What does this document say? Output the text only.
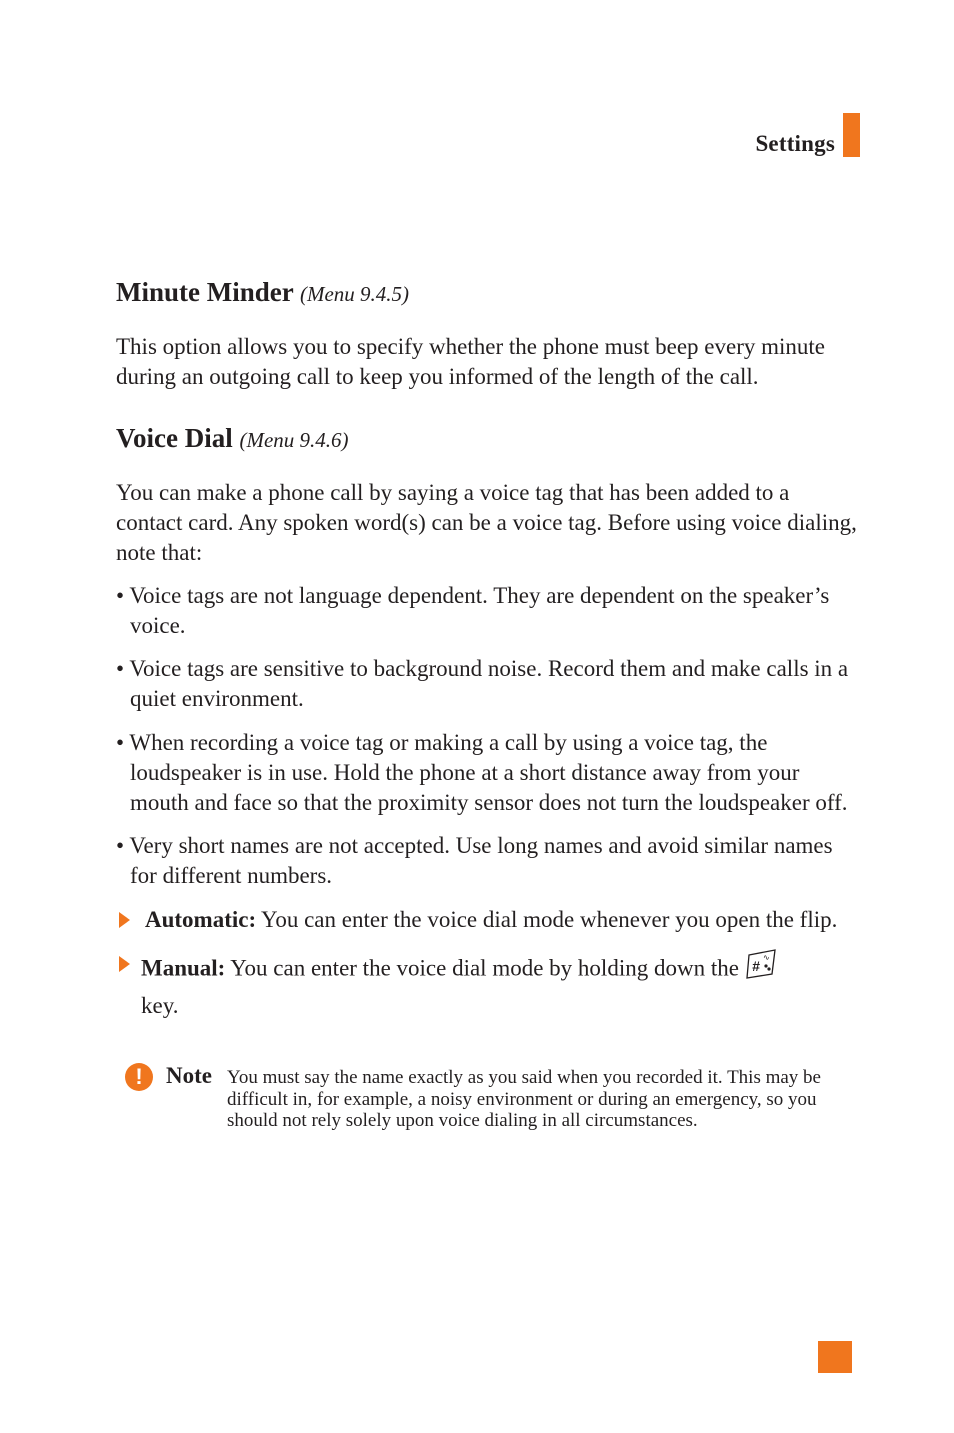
Settings
Minute Minder (Menu 9.4.5)

This option allows you to specify whether the phone must beep every minute during an outgoing call to keep you informed of the length of the call.

Voice Dial (Menu 9.4.6)

You can make a phone call by saying a voice tag that has been added to a contact card. Any spoken word(s) can be a voice tag. Before using voice dialing, note that:

• Voice tags are not language dependent. They are dependent on the speaker’s voice.

• Voice tags are sensitive to background noise. Record them and make calls in a quiet environment.

• When recording a voice tag or making a call by using a voice tag, the loudspeaker is in use. Hold the phone at a short distance away from your mouth and face so that the proximity sensor does not turn the loudspeaker off.

• Very short names are not accepted. Use long names and avoid similar names for different numbers.

Automatic: You can enter the voice dial mode whenever you open the flip.

Manual: You can enter the voice dial mode by holding down the #
∿

key.

!	Note You must say the name exactly as you said when you recorded it. This may be difficult in, for example, a noisy environment or during an emergency, so you should not rely solely upon voice dialing in all circumstances.
